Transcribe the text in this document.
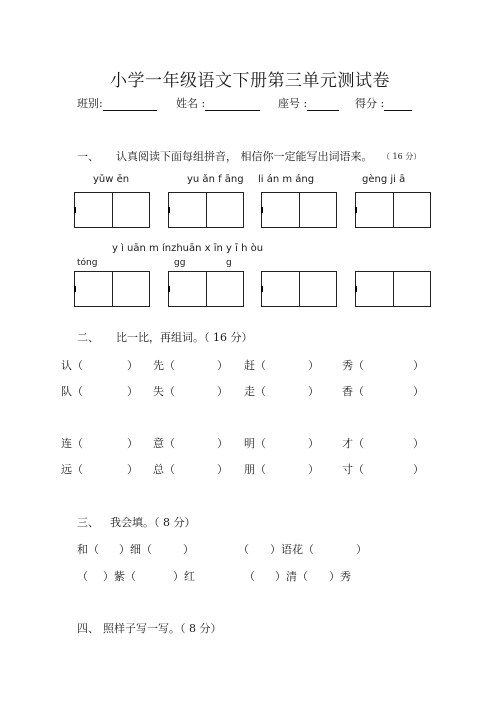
小学一年级语文下册第三单元测试卷
班别:	姓名 :	座号 :	得分 :
一、 认真阅读下面每组拼音， 相信你一定能写出词语来。 （ 16 分）
yǔw ēn	yu ǎn f āng li án m áng	gèng ji ā
y ì uān m ínzhuān x īn y ī h òu
tóng	gg	g
二、 比一比，再组词。（ 16 分）
认（	） 先（	） 赶（	） 秀（	）
队（	） 失（	） 走（	） 香（	）
连（	） 意（	） 明（	） 才（	）
远（	） 总（	） 朋（	） 寸（	）
三、 我会填。（ 8 分）
和（ ）细（	）	（ ）语花（	）
（ ）紫（	）红	（ ）清（ ）秀
四、 照样子写一写。（ 8 分）
